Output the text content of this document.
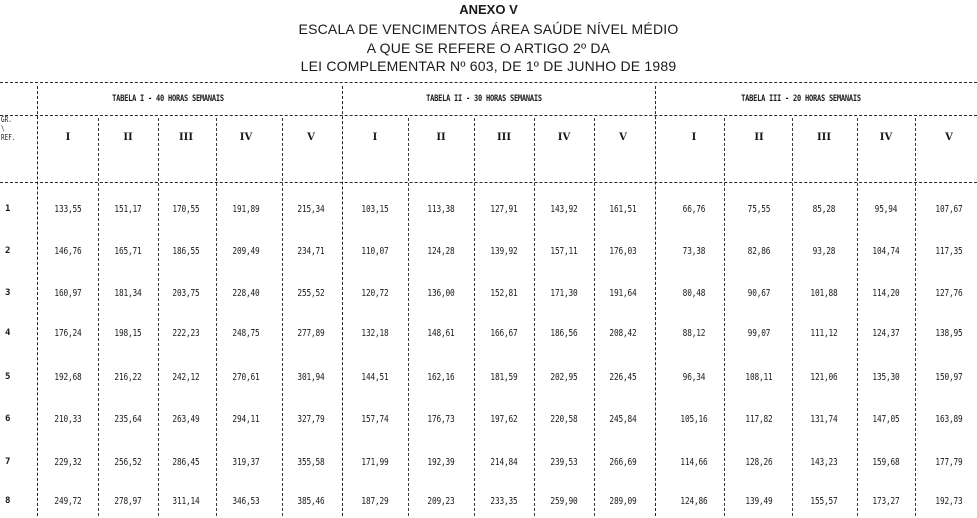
ANEXO V
ESCALA DE VENCIMENTOS ÁREA SAÚDE NÍVEL MÉDIO
A QUE SE REFERE O ARTIGO 2º DA
LEI COMPLEMENTAR Nº 603, DE 1º DE JUNHO DE 1989
GR.
\
REF.
TABELA I - 40 HORAS SEMANAIS	TABELA II - 30 HORAS SEMANAIS	TABELA III - 20 HORAS SEMANAIS
I	II	III	IV	V	I	II	III	IV	V	I	II	III	IV	V
1	133,55	151,17	170,55	191,89	215,34	103,15	113,38	127,91	143,92	161,51	66,76	75,55	85,28	95,94	107,67
2	146,76	165,71	186,55	209,49	234,71	110,07	124,28	139,92	157,11	176,03	73,38	82,86	93,28	104,74	117,35
3	160,97	181,34	203,75	228,40	255,52	120,72	136,00	152,81	171,30	191,64	80,48	90,67	101,88	114,20	127,76
4	176,24	198,15	222,23	248,75	277,89	132,18	148,61	166,67	186,56	208,42	88,12	99,07	111,12	124,37	138,95
5	192,68	216,22	242,12	270,61	301,94	144,51	162,16	181,59	202,95	226,45	96,34	108,11	121,06	135,30	150,97
6	210,33	235,64	263,49	294,11	327,79	157,74	176,73	197,62	220,58	245,84	105,16	117,82	131,74	147,05	163,89
7	229,32	256,52	286,45	319,37	355,58	171,99	192,39	214,84	239,53	266,69	114,66	128,26	143,23	159,68	177,79
8	249,72	278,97	311,14	346,53	385,46	187,29	209,23	233,35	259,90	289,09	124,86	139,49	155,57	173,27	192,73
